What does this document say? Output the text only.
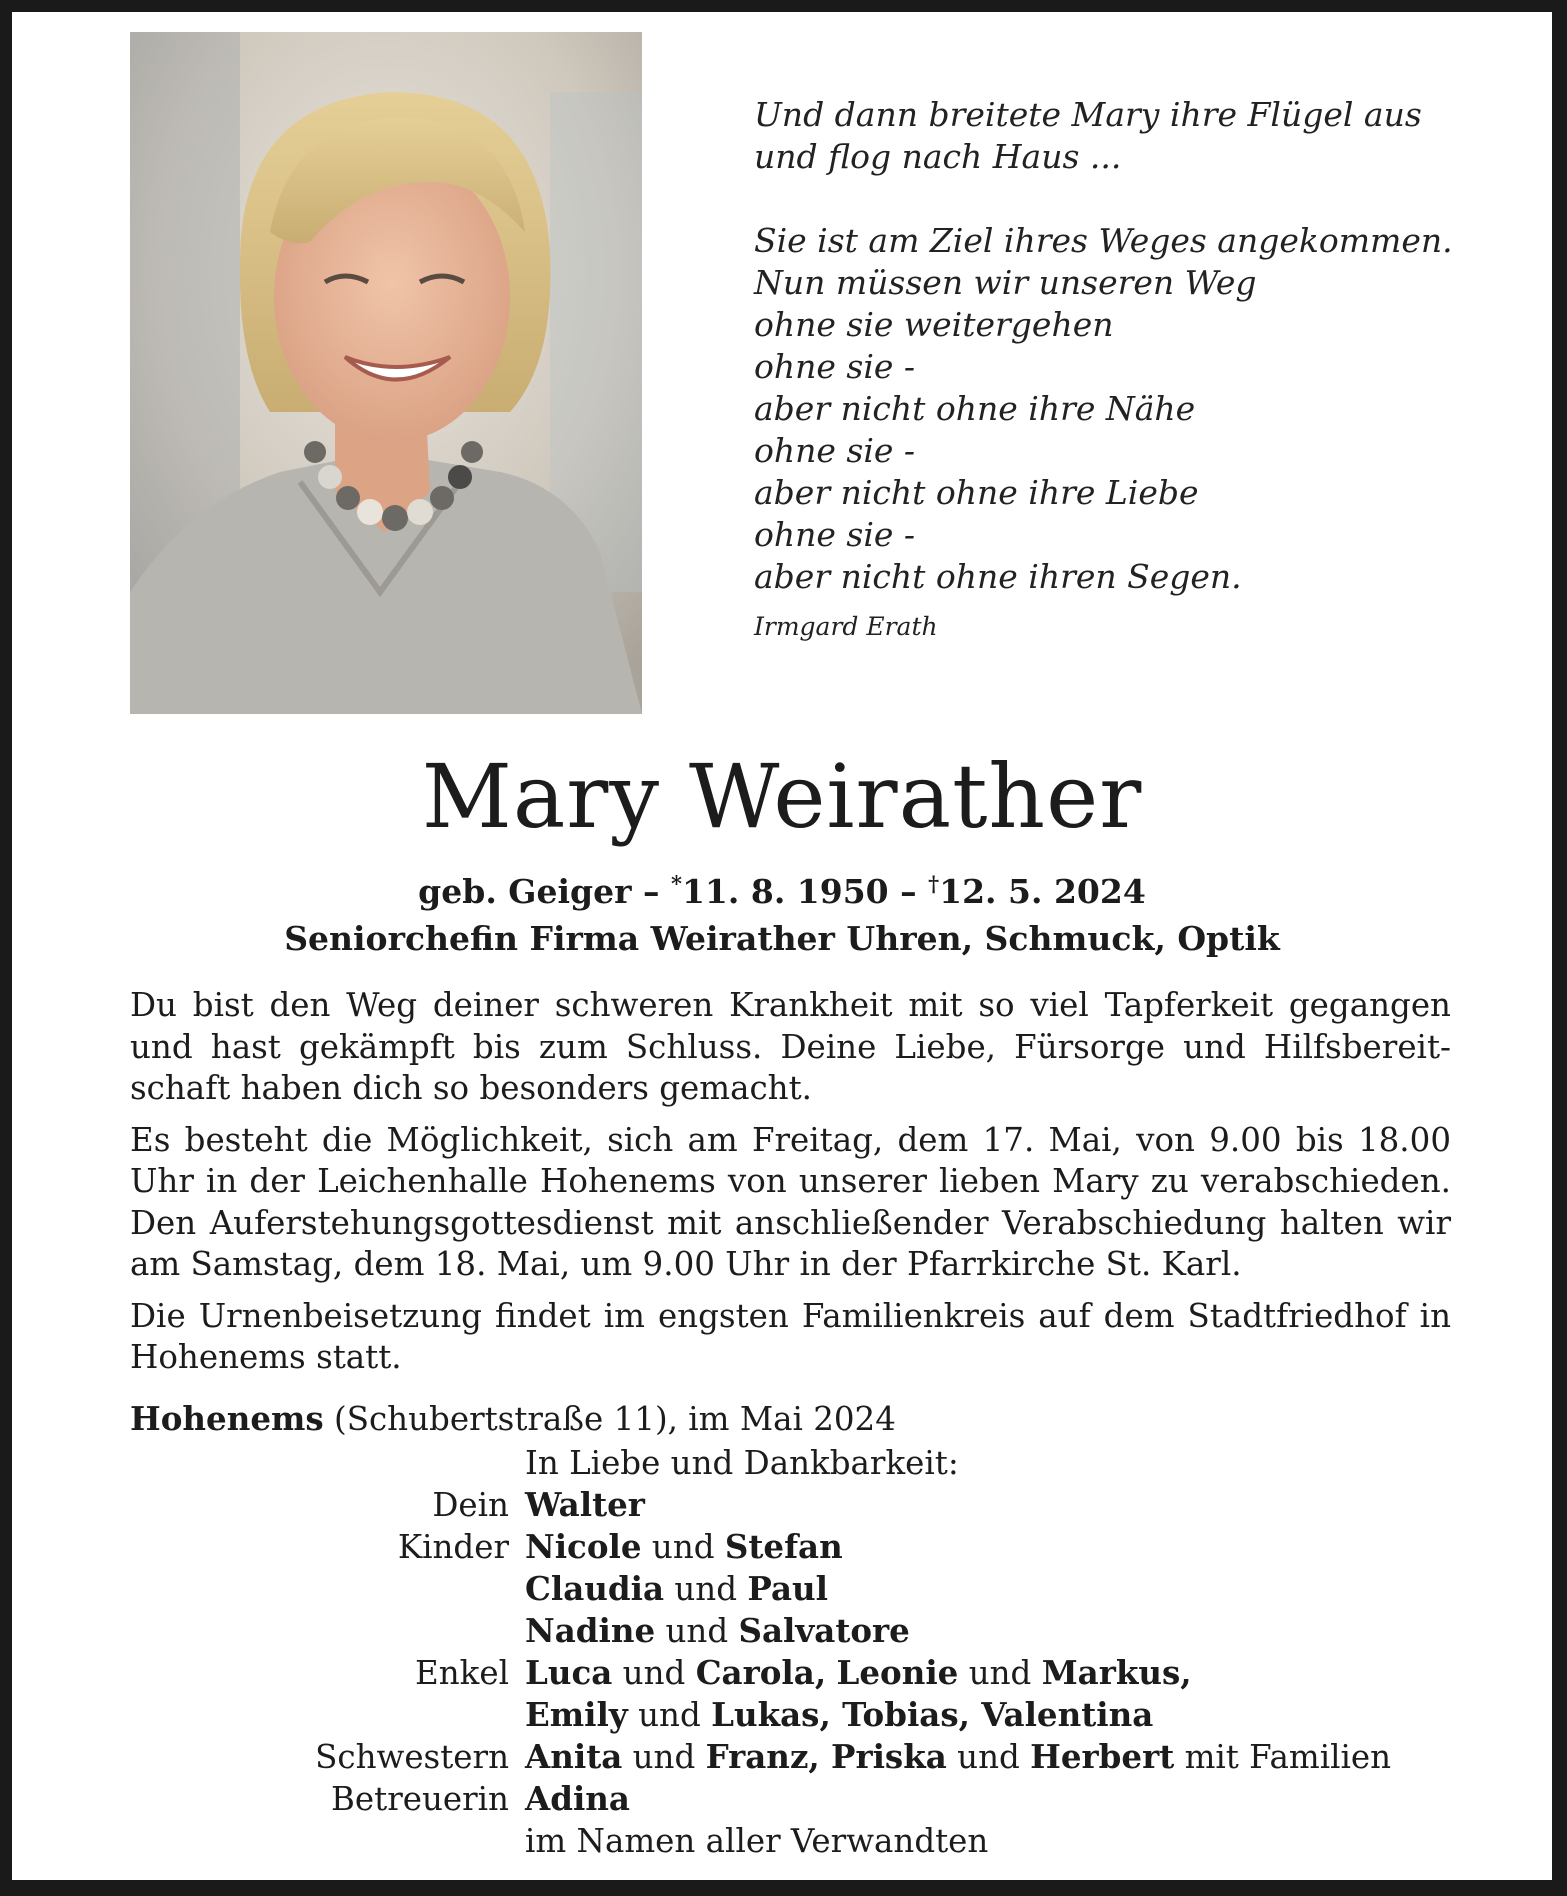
Und dann breitete Mary ihre Flügel aus
und flog nach Haus ...
Sie ist am Ziel ihres Weges angekommen.
Nun müssen wir unseren Weg
ohne sie weitergehen
ohne sie -
aber nicht ohne ihre Nähe
ohne sie -
aber nicht ohne ihre Liebe
ohne sie -
aber nicht ohne ihren Segen.
Irmgard Erath
Mary Weirather
geb. Geiger – *11. 8. 1950 – †12. 5. 2024
Seniorchefin Firma Weirather Uhren, Schmuck, Optik

Du bist den Weg deiner schweren Krankheit mit so viel Tapferkeit gegangen und hast gekämpft bis zum Schluss. Deine Liebe, Fürsorge und Hilfsbereitschaft haben dich so besonders gemacht.

Es besteht die Möglichkeit, sich am Freitag, dem 17. Mai, von 9.00 bis 18.00 Uhr in der Leichenhalle Hohenems von unserer lieben Mary zu verabschieden. Den Auferstehungsgottesdienst mit anschließender Verabschiedung halten wir am Samstag, dem 18. Mai, um 9.00 Uhr in der Pfarrkirche St. Karl.

Die Urnenbeisetzung findet im engsten Familienkreis auf dem Stadtfriedhof in Hohenems statt.

Hohenems (Schubertstraße 11), im Mai 2024
In Liebe und Dankbarkeit:
Dein Walter
Kinder Nicole und Stefan
Claudia und Paul
Nadine und Salvatore
Enkel Luca und Carola, Leonie und Markus,
Emily und Lukas, Tobias, Valentina
Schwestern Anita und Franz, Priska und Herbert mit Familien
Betreuerin Adina
im Namen aller Verwandten
